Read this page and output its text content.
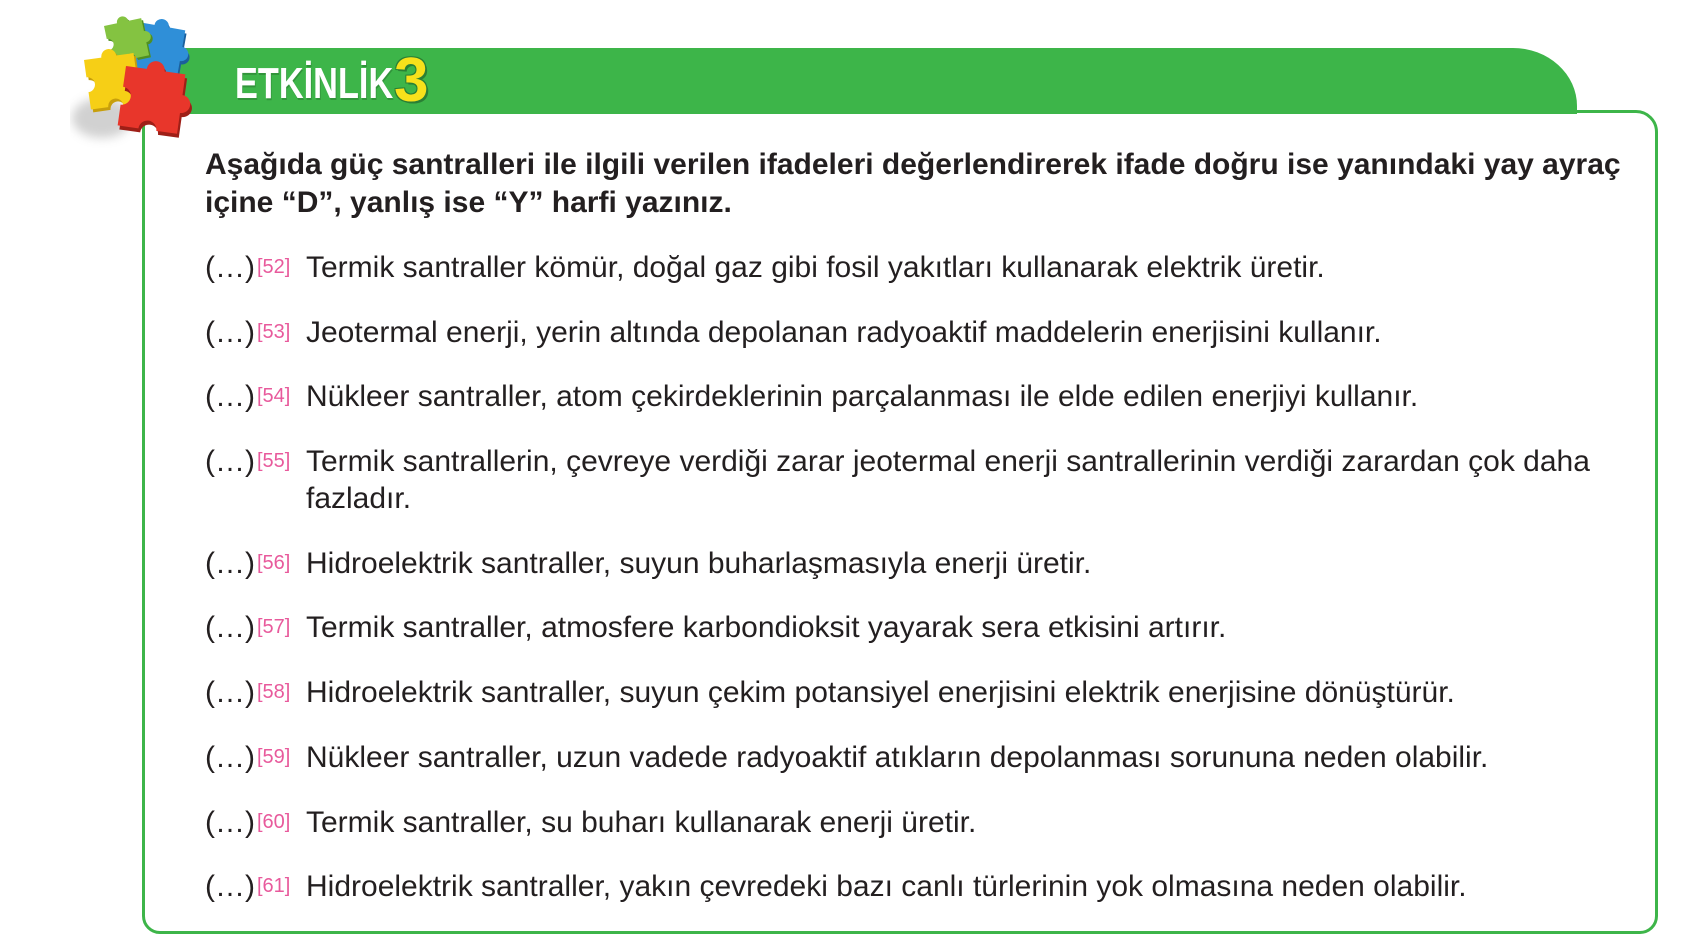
ETKİNLİK 3
Aşağıda güç santralleri ile ilgili verilen ifadeleri değerlendirerek ifade doğru ise yanındaki yay ayraç içine “D”, yanlış ise “Y” harfi yazınız.
(…) [52] Termik santraller kömür, doğal gaz gibi fosil yakıtları kullanarak elektrik üretir.
(…) [53] Jeotermal enerji, yerin altında depolanan radyoaktif maddelerin enerjisini kullanır.
(…) [54] Nükleer santraller, atom çekirdeklerinin parçalanması ile elde edilen enerjiyi kullanır.
(…) [55] Termik santrallerin, çevreye verdiği zarar jeotermal enerji santrallerinin verdiği zarardan çok daha fazladır.
(…) [56] Hidroelektrik santraller, suyun buharlaşmasıyla enerji üretir.
(…) [57] Termik santraller, atmosfere karbondioksit yayarak sera etkisini artırır.
(…) [58] Hidroelektrik santraller, suyun çekim potansiyel enerjisini elektrik enerjisine dönüştürür.
(…) [59] Nükleer santraller, uzun vadede radyoaktif atıkların depolanması sorununa neden olabilir.
(…) [60] Termik santraller, su buharı kullanarak enerji üretir.
(…) [61] Hidroelektrik santraller, yakın çevredeki bazı canlı türlerinin yok olmasına neden olabilir.
